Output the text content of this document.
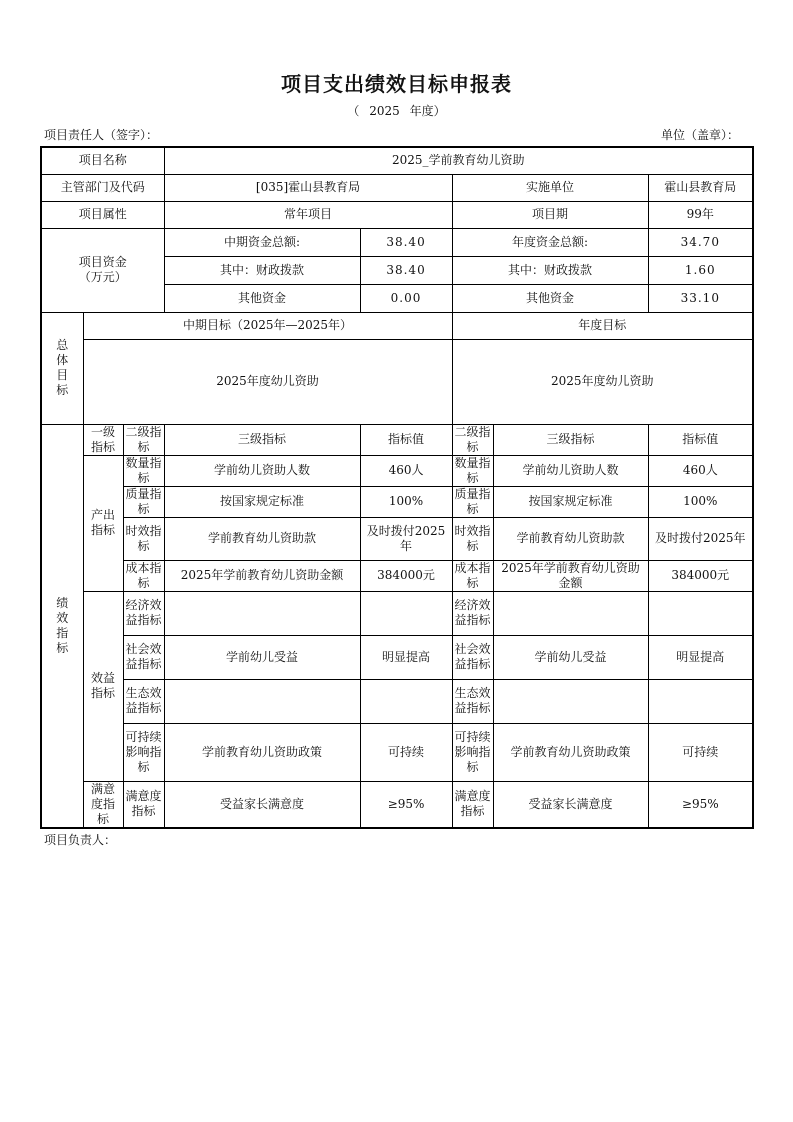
项目支出绩效目标申报表
（ 2025 年度）
项目责任人（签字）：	单位（盖章）：
项目名称			2025_学前教育幼儿资助				
主管部门及代码			[035]霍山县教育局		实施单位		霍山县教育局
项目属性			常年项目		项目期		99年

项目资金
（万元）			中期资金总额:	38.40	年度资金总额:		34.70
			其中：财政拨款	38.40	其中：财政拨款		1.60
			其他资金	0.00	其他资金		33.10

总体目标	中期目标（2025年—2025年）				年度目标		
	2025年度幼儿资助				2025年度幼儿资助		

绩效指标	一级指标	二级指标	三级指标	指标值	二级指标	三级指标	指标值

	产出指标	数量指标	学前幼儿资助人数	460人	数量指标	学前幼儿资助人数	460人
		质量指标	按国家规定标准	100%	质量指标	按国家规定标准	100%
		时效指标	学前教育幼儿资助款	及时拨付2025年	时效指标	学前教育幼儿资助款	及时拨付2025年
		成本指标	2025年学前教育幼儿资助金额	384000元	成本指标	2025年学前教育幼儿资助金额	384000元

	效益指标	经济效益指标			经济效益指标		
		社会效益指标	学前幼儿受益	明显提高	社会效益指标	学前幼儿受益	明显提高
		生态效益指标			生态效益指标		
		可持续影响指标	学前教育幼儿资助政策	可持续	可持续影响指标	学前教育幼儿资助政策	可持续
	满意度指标	满意度指标	受益家长满意度	≥95%	满意度指标	受益家长满意度	≥95%
项目负责人：
